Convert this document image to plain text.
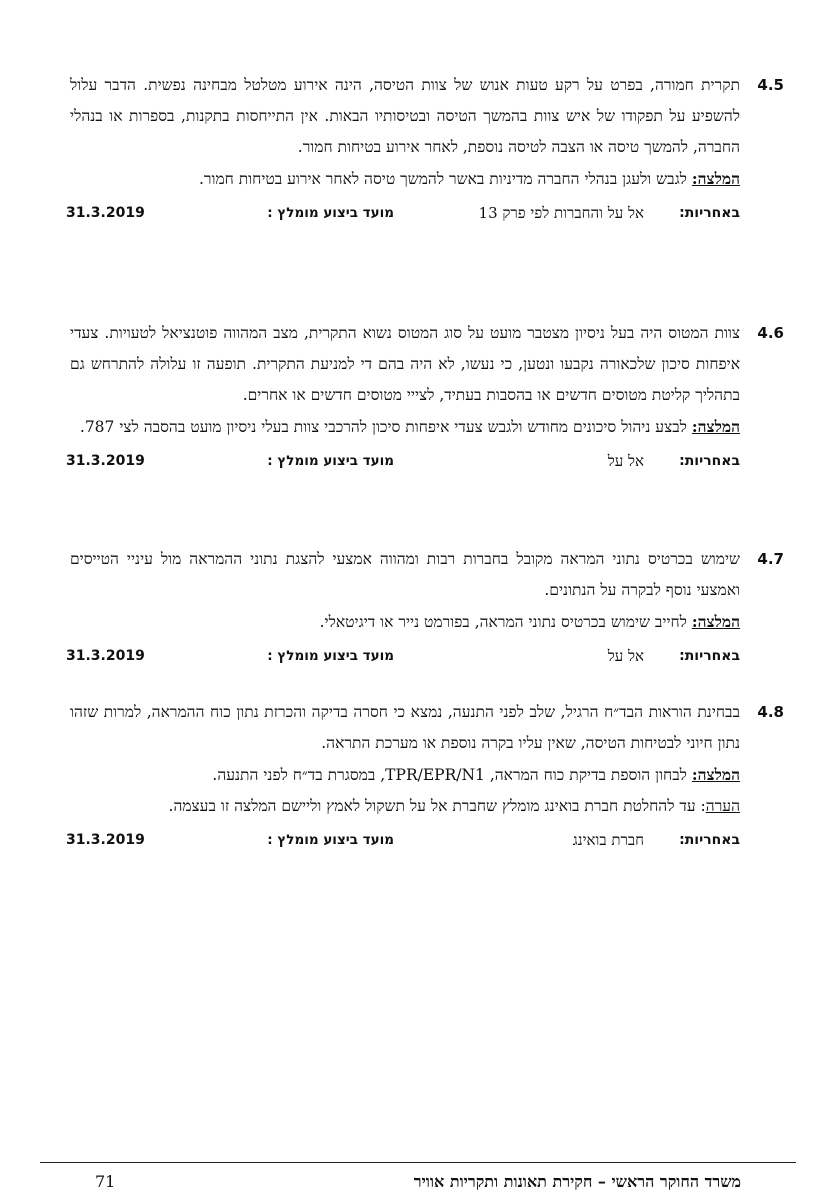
4.5

תקרית חמורה, בפרט על רקע טעות אנוש של צוות הטיסה, הינה אירוע מטלטל מבחינה נפשית. הדבר עלול להשפיע על תפקודו של איש צוות בהמשך הטיסה ובטיסותיו הבאות. אין התייחסות בתקנות, בספרות או בנהלי החברה, להמשך טיסה או הצבה לטיסה נוספת, לאחר אירוע בטיחות חמור.

המלצה: לגבש ולעגן בנהלי החברה מדיניות באשר להמשך טיסה לאחר אירוע בטיחות חמור.

באחריות:
אל על והחברות לפי פרק 13
מועד ביצוע מומלץ :
31.3.2019
4.6

צוות המטוס היה בעל ניסיון מצטבר מועט על סוג המטוס נשוא התקרית, מצב המהווה פוטנציאל לטעויות. צעדי איפחות סיכון שלכאורה נקבעו ונטען, כי נעשו, לא היה בהם די למניעת התקרית. תופעה זו עלולה להתרחש גם בתהליך קליטת מטוסים חדשים או בהסבות בעתיד, לצייי מטוסים חדשים או אחרים.

המלצה: לבצע ניהול סיכונים מחודש ולגבש צעדי איפחות סיכון להרכבי צוות בעלי ניסיון מועט בהסבה לצי 787.

באחריות:
אל על
מועד ביצוע מומלץ :
31.3.2019
4.7

שימוש בכרטיס נתוני המראה מקובל בחברות רבות ומהווה אמצעי להצגת נתוני ההמראה מול עיניי הטייסים ואמצעי נוסף לבקרה על הנתונים.

המלצה: לחייב שימוש בכרטיס נתוני המראה, בפורמט נייר או דיגיטאלי.

באחריות:
אל על
מועד ביצוע מומלץ :
31.3.2019
4.8

בבחינת הוראות הבד״ח הרגיל, שלב לפני התנעה, נמצא כי חסרה בדיקה והכרזת נתון כוח ההמראה, למרות שזהו נתון חיוני לבטיחות הטיסה, שאין עליו בקרה נוספת או מערכת התראה.

המלצה: לבחון הוספת בדיקת כוח המראה, TPR/EPR/N1, במסגרת בד״ח לפני התנעה.

הערה: עד להחלטת חברת בואינג מומלץ שחברת אל על תשקול לאמץ וליישם המלצה זו בעצמה.

באחריות:
חברת בואינג
מועד ביצוע מומלץ :
31.3.2019
משרד החוקר הראשי – חקירת תאונות ותקריות אוויר
71
